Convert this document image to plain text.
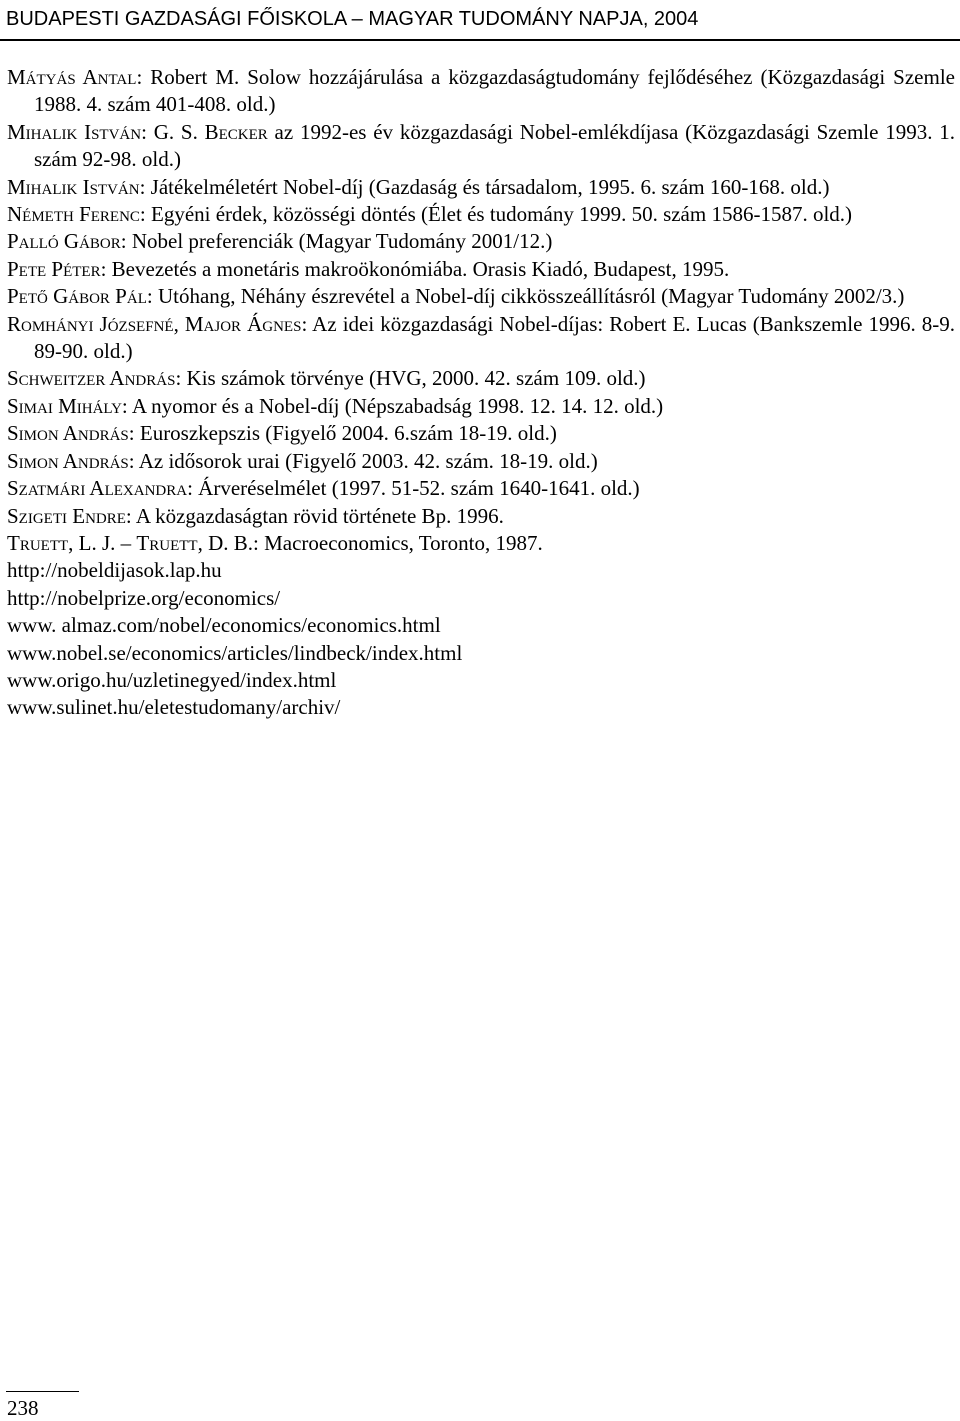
BUDAPESTI GAZDASÁGI FŐISKOLA – MAGYAR TUDOMÁNY NAPJA, 2004
Mátyás Antal: Robert M. Solow hozzájárulása a közgazdaságtudomány fejlődéséhez (Közgazdasági Szemle 1988. 4. szám 401-408. old.)
Mihalik István: G. S. Becker az 1992-es év közgazdasági Nobel-emlékdíjasa (Közgazdasági Szemle 1993. 1. szám 92-98. old.)
Mihalik István: Játékelméletért Nobel-díj (Gazdaság és társadalom, 1995. 6. szám 160-168. old.)
Németh Ferenc: Egyéni érdek, közösségi döntés (Élet és tudomány 1999. 50. szám 1586-1587. old.)
Palló Gábor: Nobel preferenciák (Magyar Tudomány 2001/12.)
Pete Péter: Bevezetés a monetáris makroökonómiába. Orasis Kiadó, Budapest, 1995.
Pető Gábor Pál: Utóhang, Néhány észrevétel a Nobel-díj cikkösszeállításról (Magyar Tudomány 2002/3.)
Romhányi Józsefné, Major Ágnes: Az idei közgazdasági Nobel-díjas: Robert E. Lucas (Bankszemle 1996. 8-9. 89-90. old.)
Schweitzer András: Kis számok törvénye (HVG, 2000. 42. szám 109. old.)
Simai Mihály: A nyomor és a Nobel-díj (Népszabadság 1998. 12. 14. 12. old.)
Simon András: Euroszkepszis (Figyelő 2004. 6.szám 18-19. old.)
Simon András: Az idősorok urai (Figyelő 2003. 42. szám. 18-19. old.)
Szatmári Alexandra: Árveréselmélet (1997. 51-52. szám 1640-1641. old.)
Szigeti Endre: A közgazdaságtan rövid története Bp. 1996.
Truett, L. J. – Truett, D. B.: Macroeconomics, Toronto, 1987.
http://nobeldijasok.lap.hu
http://nobelprize.org/economics/
www. almaz.com/nobel/economics/economics.html
www.nobel.se/economics/articles/lindbeck/index.html
www.origo.hu/uzletinegyed/index.html
www.sulinet.hu/eletestudomany/archiv/
238
